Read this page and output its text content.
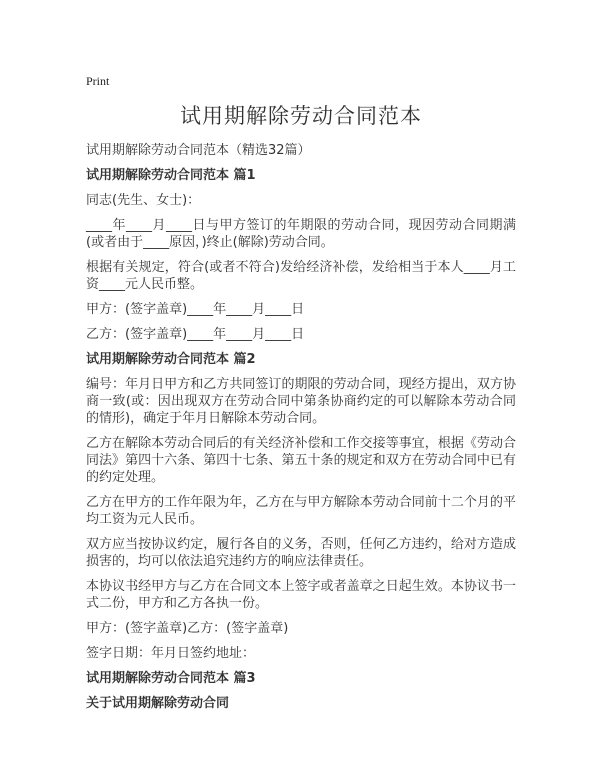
Print
试用期解除劳动合同范本

试用期解除劳动合同范本（精选32篇）

试用期解除劳动合同范本 篇1

同志(先生、女士)：

____年____月____日与甲方签订的年期限的劳动合同，现因劳动合同期满(或者由于____原因，)终止(解除)劳动合同。

根据有关规定，符合(或者不符合)发给经济补偿，发给相当于本人____月工资____元人民币整。

甲方：(签字盖章)____年____月____日

乙方：(签字盖章)____年____月____日

试用期解除劳动合同范本 篇2

编号：年月日甲方和乙方共同签订的期限的劳动合同，现经方提出，双方协商一致(或：因出现双方在劳动合同中第条协商约定的可以解除本劳动合同的情形)，确定于年月日解除本劳动合同。

乙方在解除本劳动合同后的有关经济补偿和工作交接等事宜，根据《劳动合同法》第四十六条、第四十七条、第五十条的规定和双方在劳动合同中已有的约定处理。

乙方在甲方的工作年限为年，乙方在与甲方解除本劳动合同前十二个月的平均工资为元人民币。

双方应当按协议约定，履行各自的义务，否则，任何乙方违约，给对方造成损害的，均可以依法追究违约方的响应法律责任。

本协议书经甲方与乙方在合同文本上签字或者盖章之日起生效。本协议书一式二份，甲方和乙方各执一份。

甲方：(签字盖章)乙方：(签字盖章)

签字日期：年月日签约地址：

试用期解除劳动合同范本 篇3
关于试用期解除劳动合同
